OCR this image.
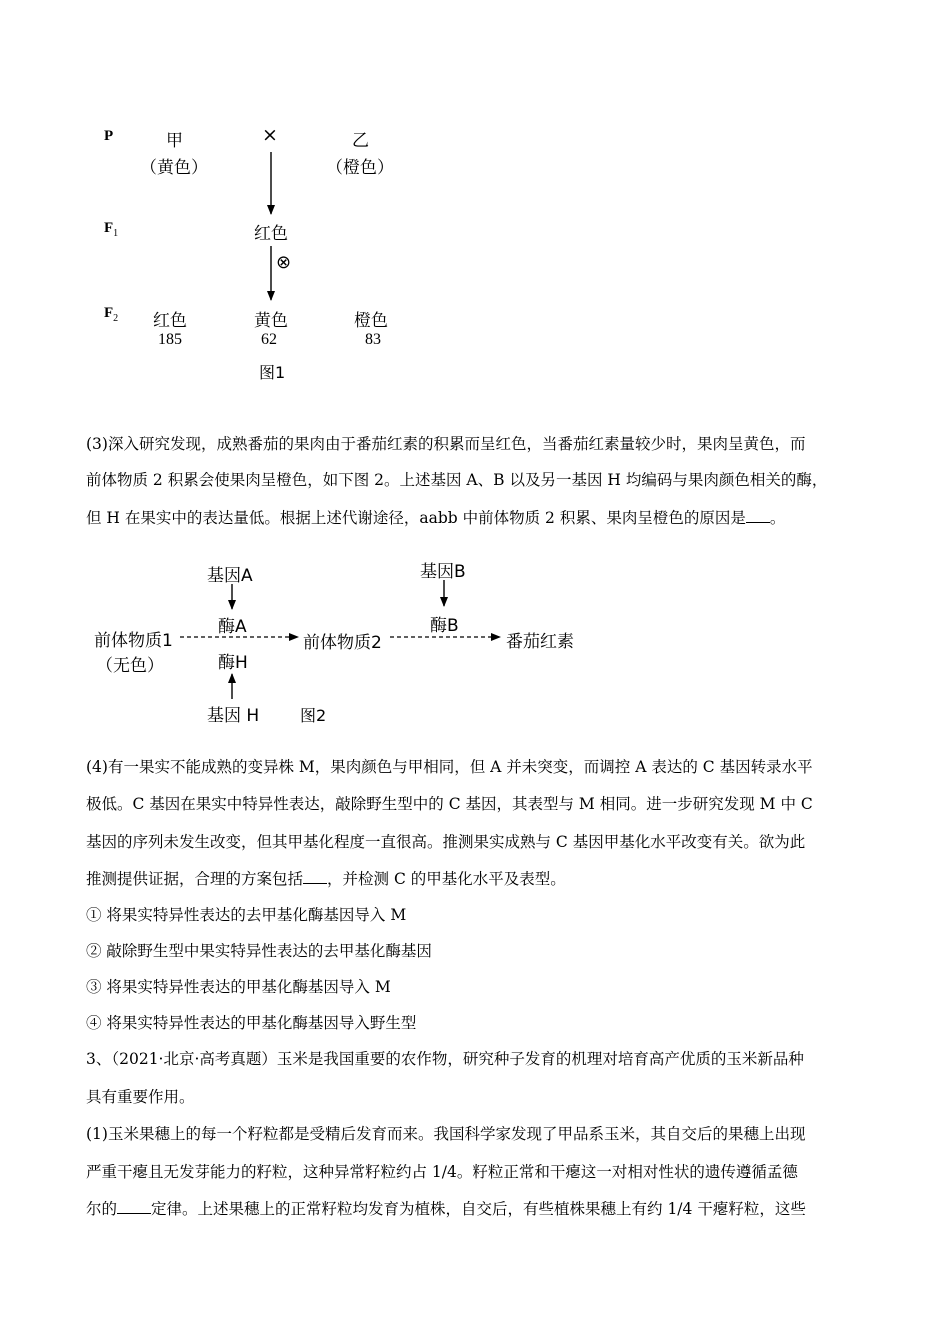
P
$F_1$
$F_2$
甲
（黄色）
×	乙
（橙色）
红色
⊗
红色	黄色	橙色
185	62	83
图1
(3)深入研究发现，成熟番茄的果肉由于番茄红素的积累而呈红色，当番茄红素量较少时，果肉呈黄色，而
前体物质 2 积累会使果肉呈橙色，如下图 2。上述基因 A、B 以及另一基因 H 均编码与果肉颜色相关的酶，
但 H 在果实中的表达量低。根据上述代谢途径，aabb 中前体物质 2 积累、果肉呈橙色的原因是 。
基因A
酶A
基因B
酶B
前体物质1
（无色）
前体物质2	番茄红素
酶H
基因 H	图2
(4)有一果实不能成熟的变异株 M，果肉颜色与甲相同，但 A 并未突变，而调控 A 表达的 C 基因转录水平
极低。C 基因在果实中特异性表达，敲除野生型中的 C 基因，其表型与 M 相同。进一步研究发现 M 中 C
基因的序列未发生改变，但其甲基化程度一直很高。推测果实成熟与 C 基因甲基化水平改变有关。欲为此
推测提供证据，合理的方案包括 ，并检测 C 的甲基化水平及表型。
① 将果实特异性表达的去甲基化酶基因导入 M
② 敲除野生型中果实特异性表达的去甲基化酶基因
③ 将果实特异性表达的甲基化酶基因导入 M
④ 将果实特异性表达的甲基化酶基因导入野生型
3、（2021·北京·高考真题）玉米是我国重要的农作物，研究种子发育的机理对培育高产优质的玉米新品种
具有重要作用。
(1)玉米果穗上的每一个籽粒都是受精后发育而来。我国科学家发现了甲品系玉米，其自交后的果穗上出现
严重干瘪且无发芽能力的籽粒，这种异常籽粒约占 1/4。籽粒正常和干瘪这一对相对性状的遗传遵循孟德
尔的 定律。上述果穗上的正常籽粒均发育为植株，自交后，有些植株果穗上有约 1/4 干瘪籽粒，这些
